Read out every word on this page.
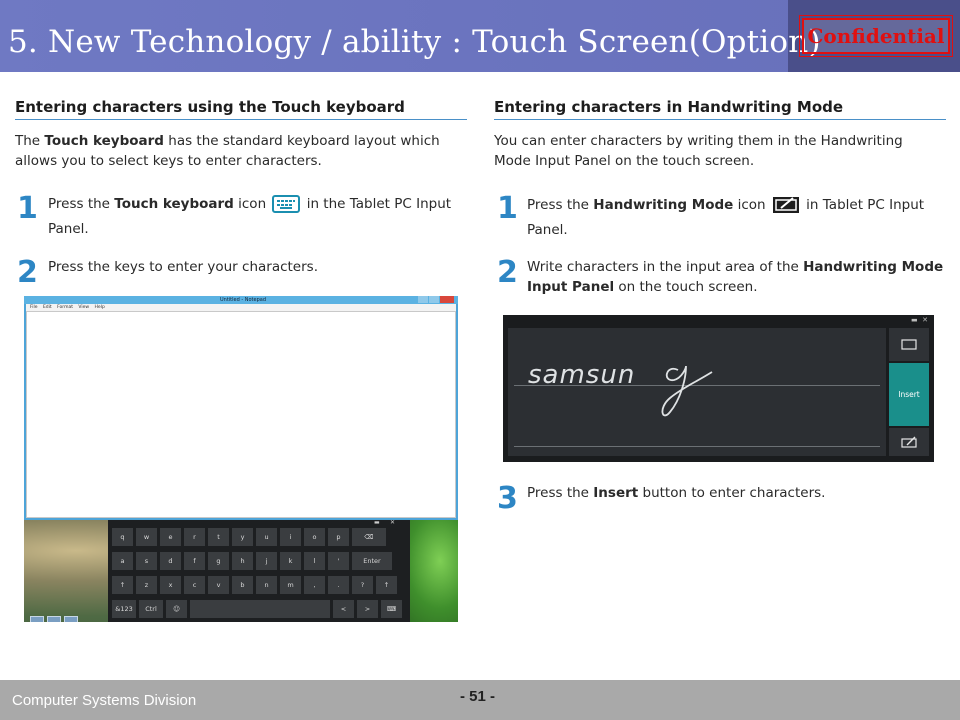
5. New Technology / ability : Touch Screen(Option)
Confidential
Entering characters using the Touch keyboard
The Touch keyboard has the standard keyboard layout which allows you to select keys to enter characters.
1 Press the Touch keyboard icon	in the Tablet PC Input Panel.
2 Press the keys to enter your characters.
Untitled - Notepad
File Edit Format View Help
▬ ✕
q	w	e	r	t	y	u	i	o	p	⌫
a	s	d	f	g	h	j	k	l	'	Enter
↑	z	x	c	v	b	n	m	,	.	?	↑
&123	Ctrl	☺	<	>	⌨
Entering characters in Handwriting Mode
You can enter characters by writing them in the Handwriting Mode Input Panel on the touch screen.
1 Press the Handwriting Mode icon	in Tablet PC Input Panel.
2 Write characters in the input area of the Handwriting Mode Input Panel on the touch screen.
▬ ✕
samsun
Insert
3 Press the Insert button to enter characters.
Computer Systems Division	- 51 -
